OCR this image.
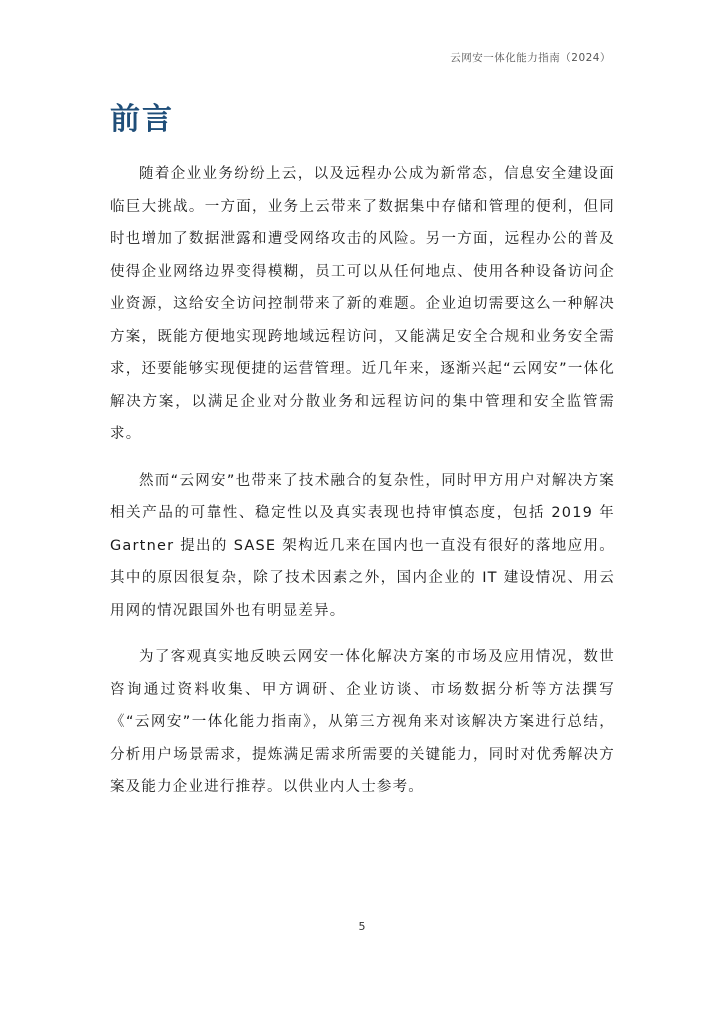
云网安一体化能力指南（2024）
前言

随着企业业务纷纷上云，以及远程办公成为新常态，信息安全建设面临巨大挑战。一方面，业务上云带来了数据集中存储和管理的便利，但同时也增加了数据泄露和遭受网络攻击的风险。另一方面，远程办公的普及使得企业网络边界变得模糊，员工可以从任何地点、使用各种设备访问企业资源，这给安全访问控制带来了新的难题。企业迫切需要这么一种解决方案，既能方便地实现跨地域远程访问，又能满足安全合规和业务安全需求，还要能够实现便捷的运营管理。近几年来，逐渐兴起“云网安”一体化解决方案，以满足企业对分散业务和远程访问的集中管理和安全监管需求。

然而“云网安”也带来了技术融合的复杂性，同时甲方用户对解决方案相关产品的可靠性、稳定性以及真实表现也持审慎态度，包括 2019 年 Gartner 提出的 SASE 架构近几来在国内也一直没有很好的落地应用。其中的原因很复杂，除了技术因素之外，国内企业的 IT 建设情况、用云用网的情况跟国外也有明显差异。

为了客观真实地反映云网安一体化解决方案的市场及应用情况，数世咨询通过资料收集、甲方调研、企业访谈、市场数据分析等方法撰写《“云网安”一体化能力指南》，从第三方视角来对该解决方案进行总结，分析用户场景需求，提炼满足需求所需要的关键能力，同时对优秀解决方案及能力企业进行推荐。以供业内人士参考。

5
